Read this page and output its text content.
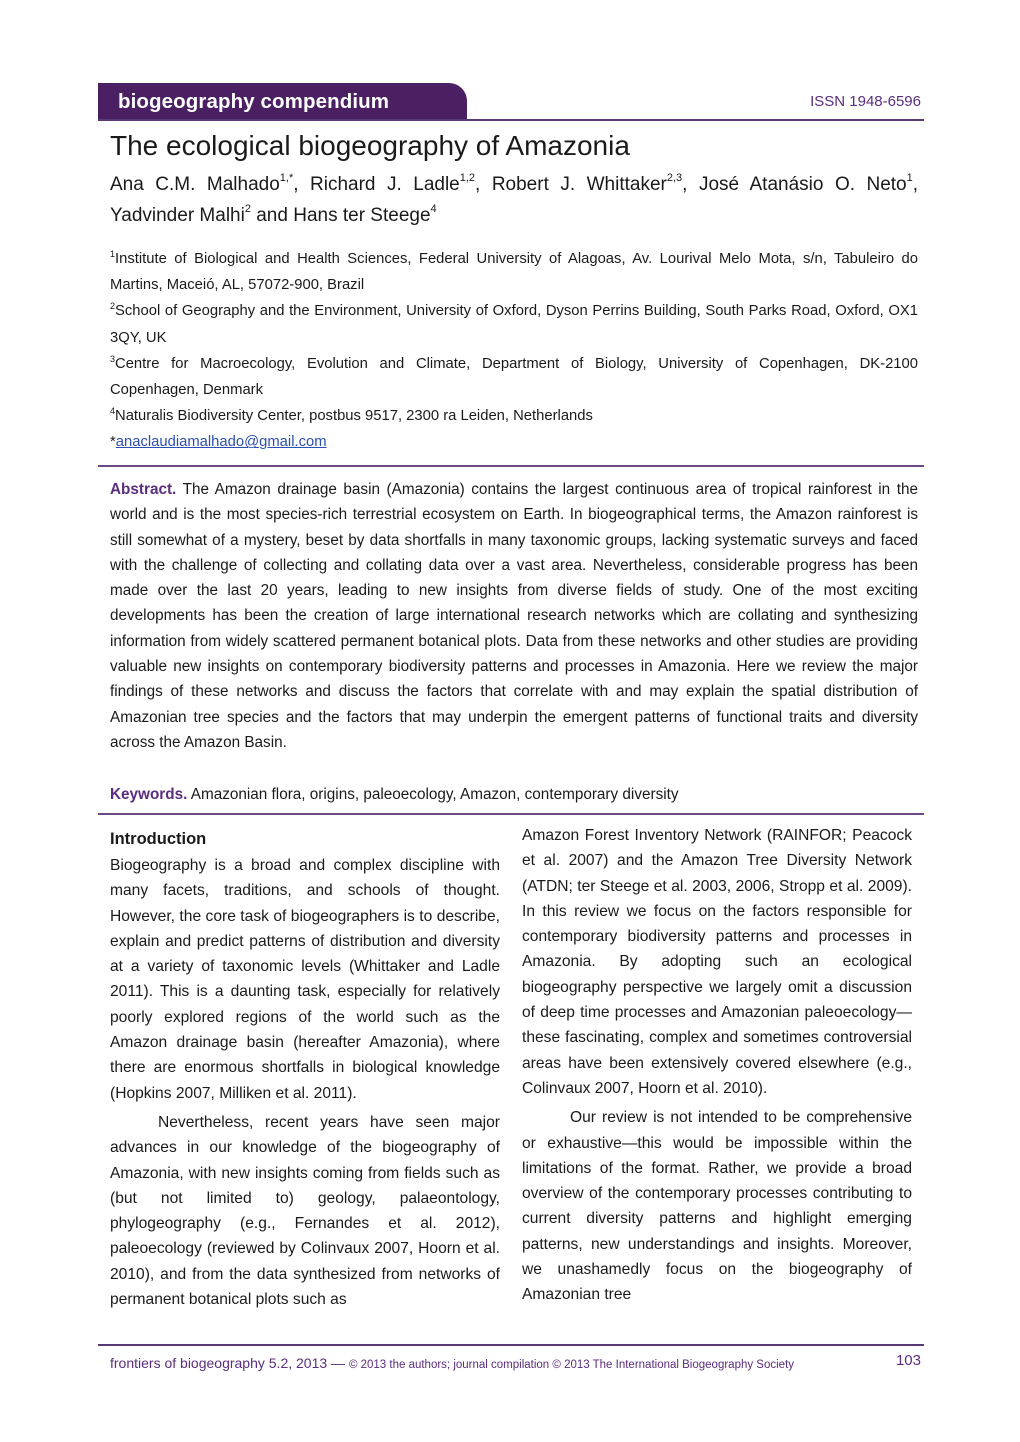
biogeography compendium	ISSN 1948-6596
The ecological biogeography of Amazonia
Ana C.M. Malhado$^{1,*}$, Richard J. Ladle$^{1,2}$, Robert J. Whittaker$^{2,3}$, José Atanásio O. Neto$^1$, Yadvinder Malhi$^2$ and Hans ter Steege$^4$
$^1$Institute of Biological and Health Sciences, Federal University of Alagoas, Av. Lourival Melo Mota, s/n, Tabuleiro do Martins, Maceió, AL, 57072-900, Brazil
$^2$School of Geography and the Environment, University of Oxford, Dyson Perrins Building, South Parks Road, Oxford, OX1 3QY, UK
$^3$Centre for Macroecology, Evolution and Climate, Department of Biology, University of Copenhagen, DK-2100 Copenhagen, Denmark
$^4$Naturalis Biodiversity Center, postbus 9517, 2300 ra Leiden, Netherlands
*anaclaudiamalhado@gmail.com
Abstract. The Amazon drainage basin (Amazonia) contains the largest continuous area of tropical rainforest in the world and is the most species-rich terrestrial ecosystem on Earth. In biogeographical terms, the Amazon rainforest is still somewhat of a mystery, beset by data shortfalls in many taxonomic groups, lacking systematic surveys and faced with the challenge of collecting and collating data over a vast area. Nevertheless, considerable progress has been made over the last 20 years, leading to new insights from diverse fields of study. One of the most exciting developments has been the creation of large international research networks which are collating and synthesizing information from widely scattered permanent botanical plots. Data from these networks and other studies are providing valuable new insights on contemporary biodiversity patterns and processes in Amazonia. Here we review the major findings of these networks and discuss the factors that correlate with and may explain the spatial distribution of Amazonian tree species and the factors that may underpin the emergent patterns of functional traits and diversity across the Amazon Basin.
Keywords. Amazonian flora, origins, paleoecology, Amazon, contemporary diversity
Introduction

Biogeography is a broad and complex discipline with many facets, traditions, and schools of thought. However, the core task of biogeographers is to describe, explain and predict patterns of distribution and diversity at a variety of taxonomic levels (Whittaker and Ladle 2011). This is a daunting task, especially for relatively poorly explored regions of the world such as the Amazon drainage basin (hereafter Amazonia), where there are enormous shortfalls in biological knowledge (Hopkins 2007, Milliken et al. 2011).

Nevertheless, recent years have seen major advances in our knowledge of the biogeography of Amazonia, with new insights coming from fields such as (but not limited to) geology, palaeontology, phylogeography (e.g., Fernandes et al. 2012), paleoecology (reviewed by Colinvaux 2007, Hoorn et al. 2010), and from the data synthesized from networks of permanent botanical plots such as

Amazon Forest Inventory Network (RAINFOR; Peacock et al. 2007) and the Amazon Tree Diversity Network (ATDN; ter Steege et al. 2003, 2006, Stropp et al. 2009). In this review we focus on the factors responsible for contemporary biodiversity patterns and processes in Amazonia. By adopting such an ecological biogeography perspective we largely omit a discussion of deep time processes and Amazonian paleoecology—these fascinating, complex and sometimes controversial areas have been extensively covered elsewhere (e.g., Colinvaux 2007, Hoorn et al. 2010).

Our review is not intended to be comprehensive or exhaustive—this would be impossible within the limitations of the format. Rather, we provide a broad overview of the contemporary processes contributing to current diversity patterns and highlight emerging patterns, new understandings and insights. Moreover, we unashamedly focus on the biogeography of Amazonian tree

frontiers of biogeography 5.2, 2013 — © 2013 the authors; journal compilation © 2013 The International Biogeography Society	103
